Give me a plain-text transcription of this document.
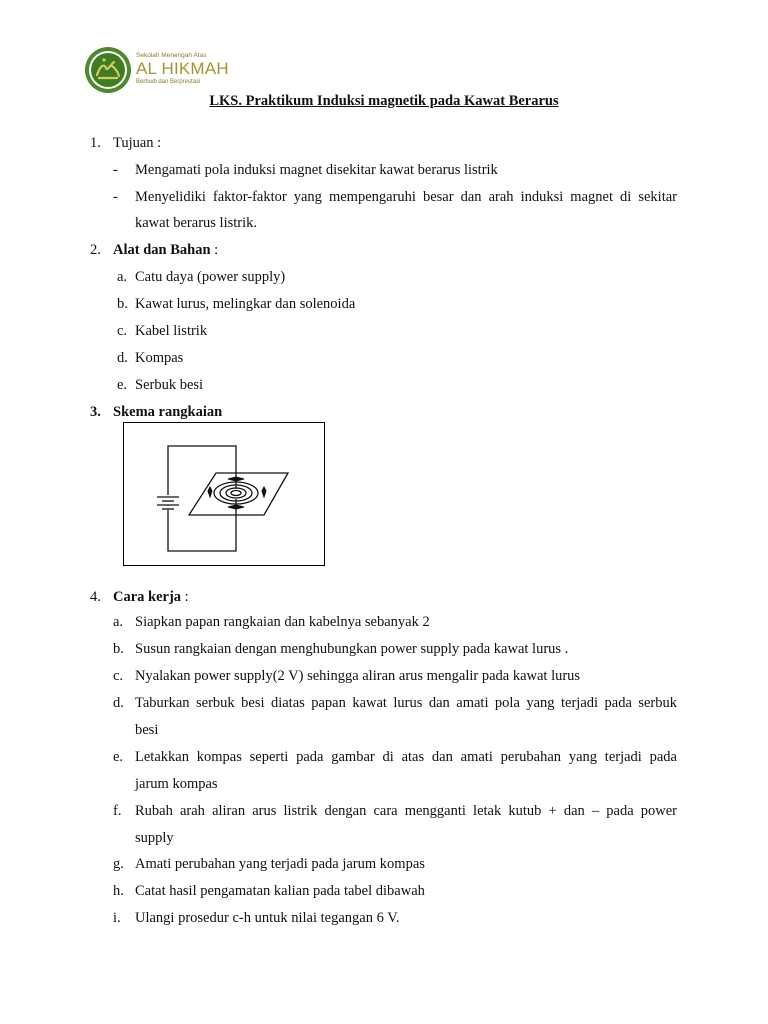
Sekolah Menengah Atas
AL HIKMAH
Berbudi dan Berprestasi
LKS. Praktikum Induksi magnetik pada Kawat Berarus
1. Tujuan :
- Mengamati pola induksi magnet disekitar kawat berarus listrik
- Menyelidiki faktor-faktor yang mempengaruhi besar dan arah induksi magnet di sekitar
kawat berarus listrik.
2. Alat dan Bahan :
a. Catu daya (power supply)
b. Kawat lurus, melingkar dan solenoida
c. Kabel listrik
d. Kompas
e. Serbuk besi
3. Skema rangkaian
4. Cara kerja :
a. Siapkan papan rangkaian dan kabelnya sebanyak 2
b. Susun rangkaian dengan menghubungkan power supply pada kawat lurus .
c. Nyalakan power supply(2 V) sehingga aliran arus mengalir pada kawat lurus
d. Taburkan serbuk besi diatas papan kawat lurus dan amati pola yang terjadi pada serbuk
besi
e. Letakkan kompas seperti pada gambar di atas dan amati perubahan yang terjadi pada
jarum kompas
f. Rubah arah aliran arus listrik dengan cara mengganti letak kutub + dan – pada power
supply
g. Amati perubahan yang terjadi pada jarum kompas
h. Catat hasil pengamatan kalian pada tabel dibawah
i. Ulangi prosedur c-h untuk nilai tegangan 6 V.
